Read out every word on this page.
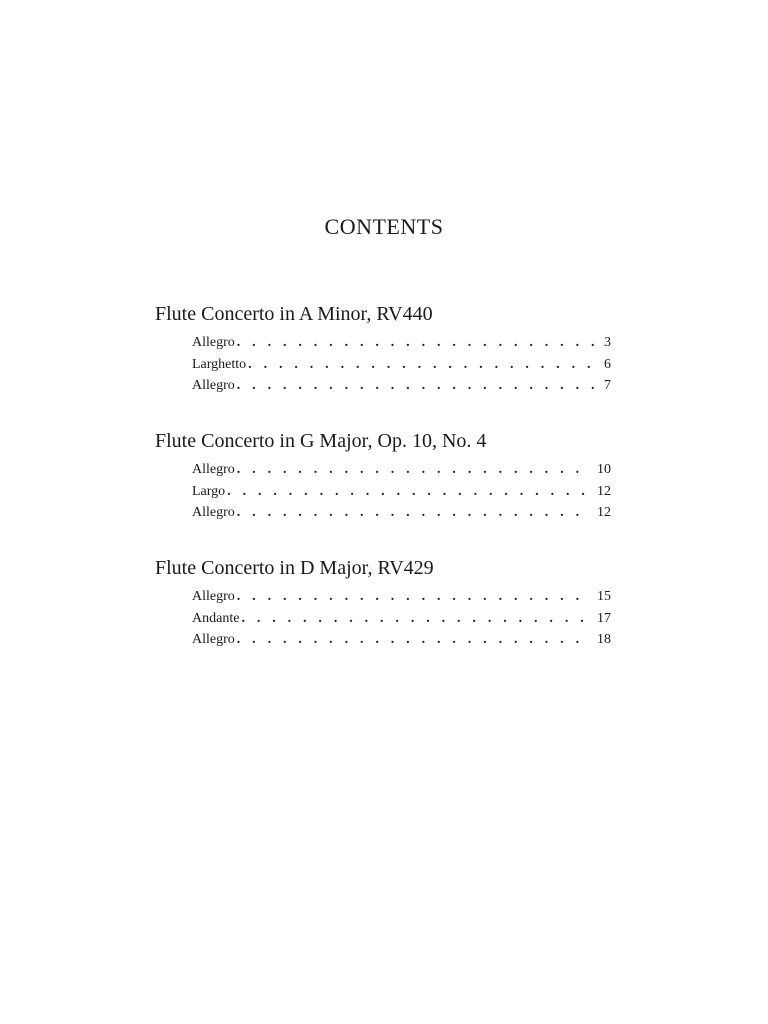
CONTENTS
Flute Concerto in A Minor, RV440
Allegro . . .	3
Larghetto . . .	6
Allegro . . .	7
Flute Concerto in G Major, Op. 10, No. 4
Allegro . . .	10
Largo . . .	12
Allegro . . .	12
Flute Concerto in D Major, RV429
Allegro . . .	15
Andante . . .	17
Allegro . . .	18
